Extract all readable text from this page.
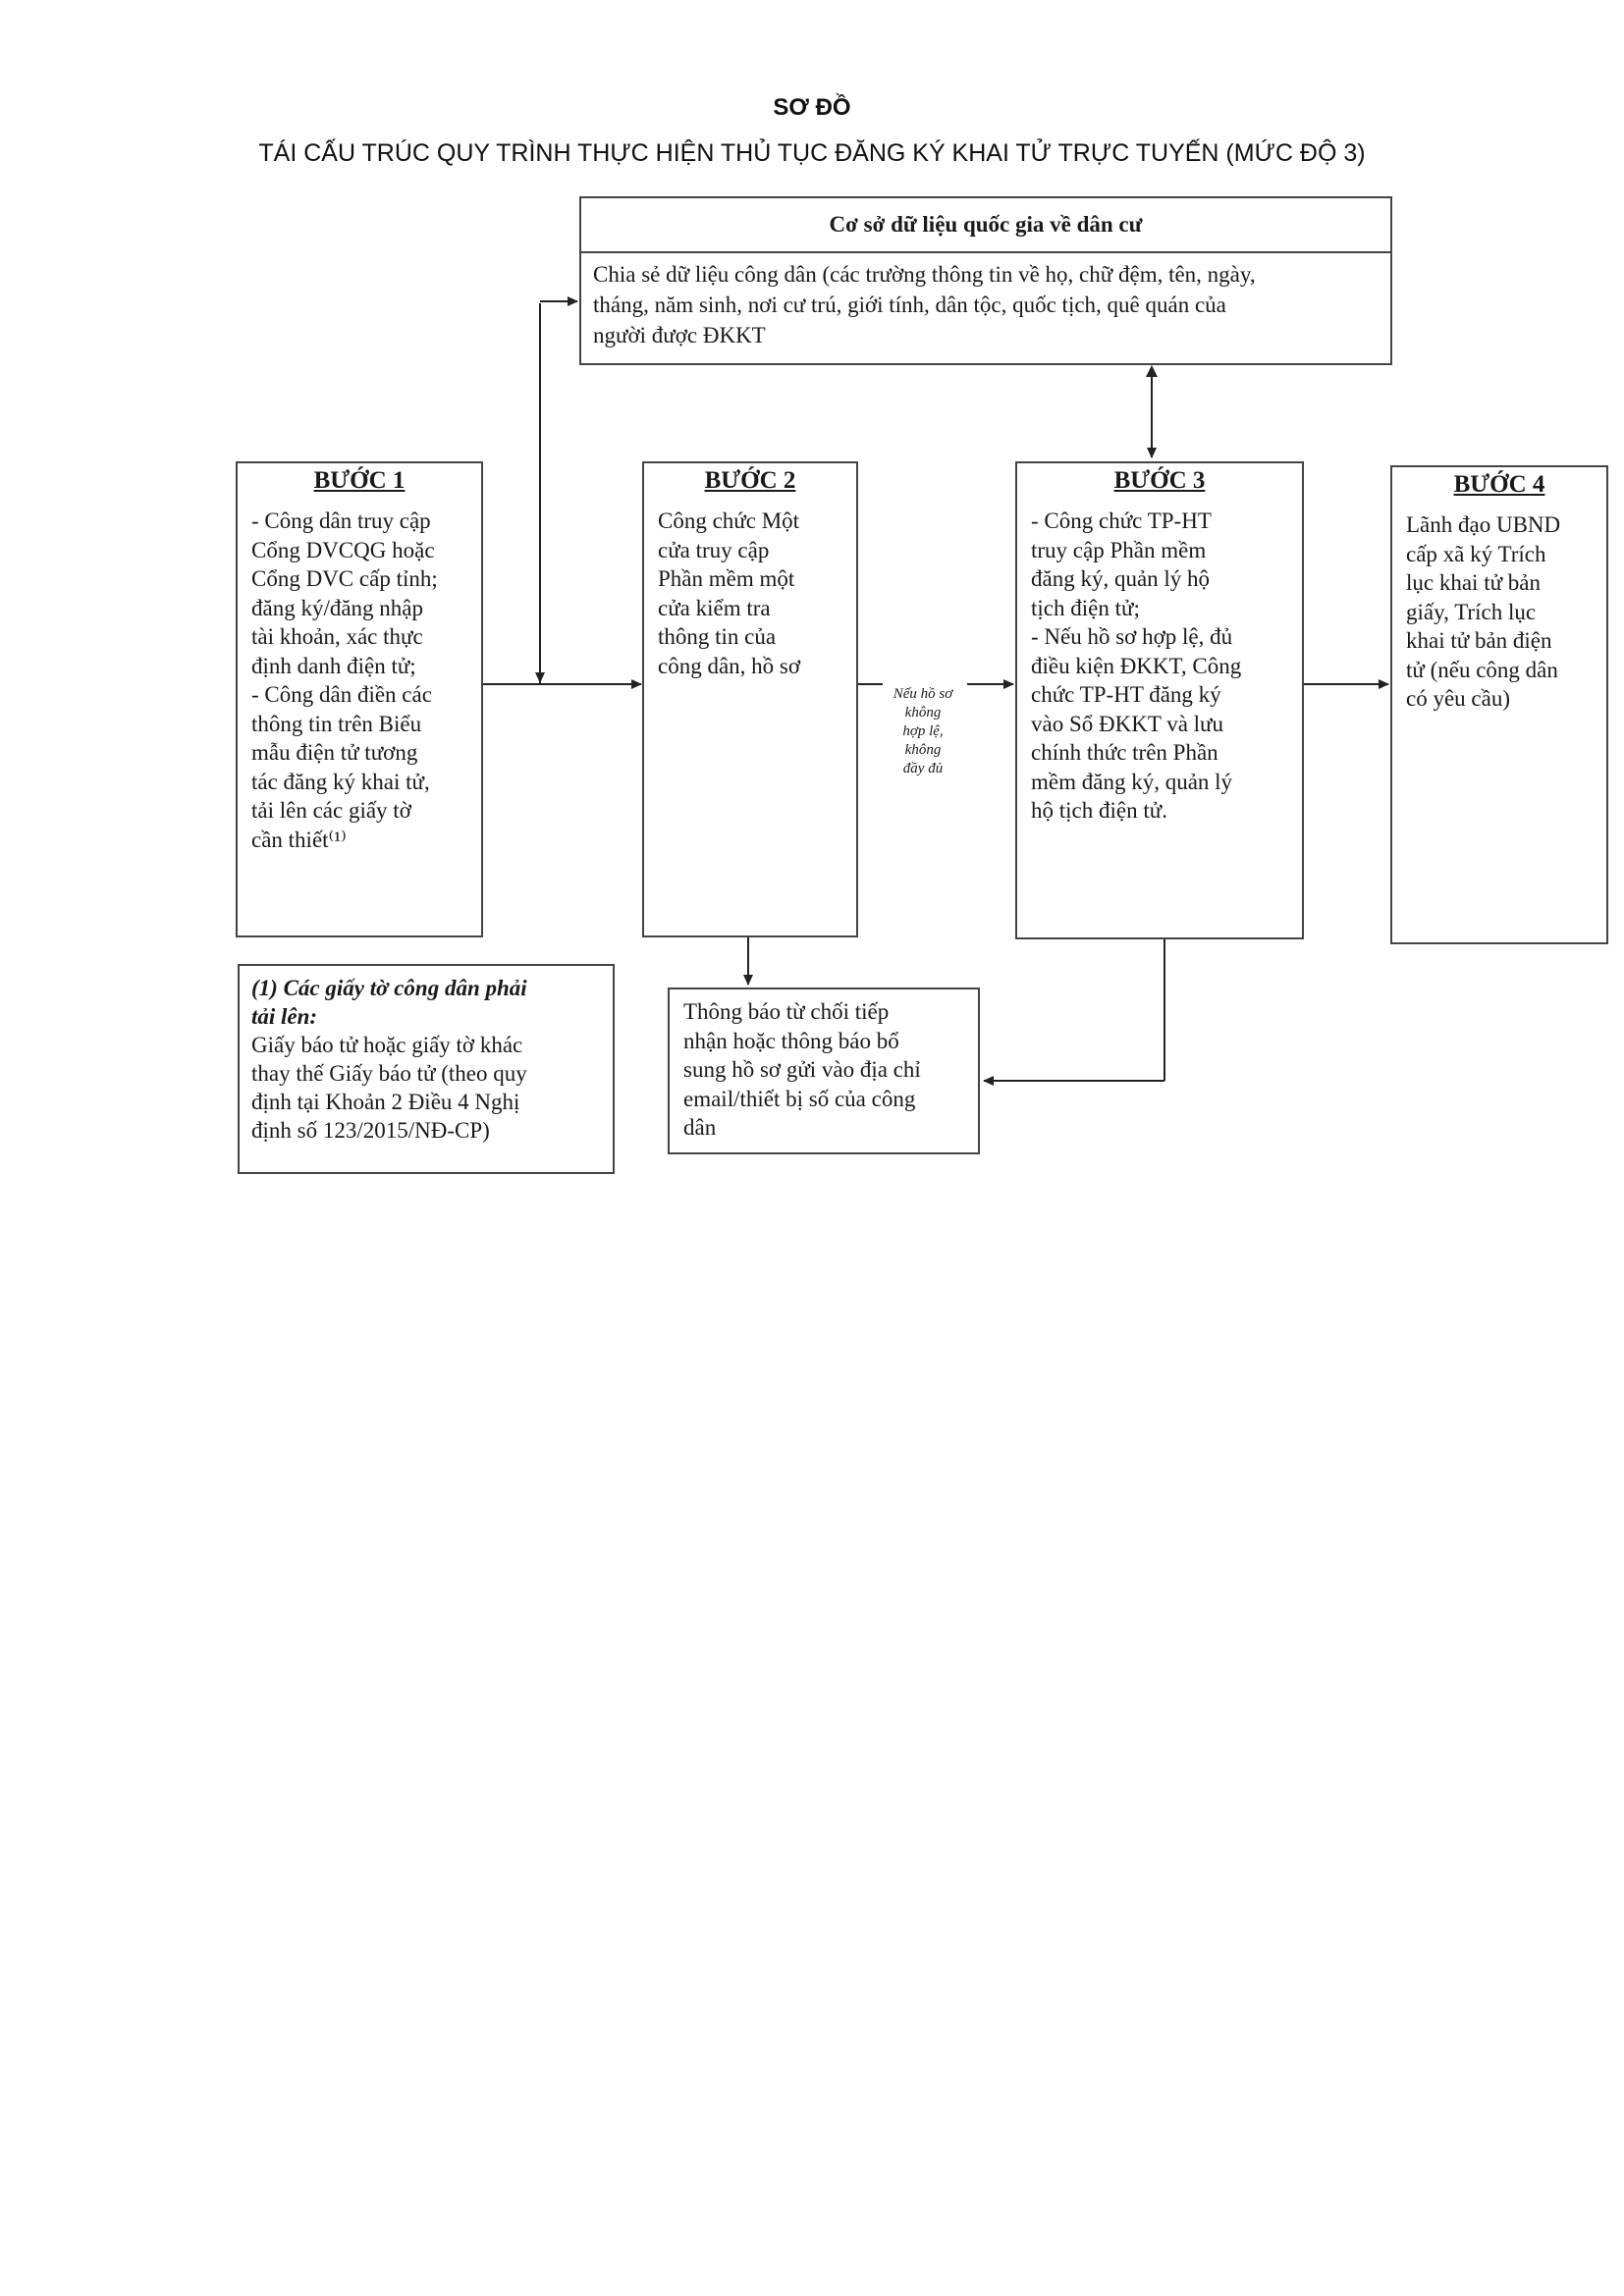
SƠ ĐỒ
TÁI CẤU TRÚC QUY TRÌNH THỰC HIỆN THỦ TỤC ĐĂNG KÝ KHAI TỬ TRỰC TUYẾN (MỨC ĐỘ 3)
Cơ sở dữ liệu quốc gia về dân cư
Chia sẻ dữ liệu công dân (các trường thông tin về họ, chữ đệm, tên, ngày,
tháng, năm sinh, nơi cư trú, giới tính, dân tộc, quốc tịch, quê quán của
người được ĐKKT
BƯỚC 1
- Công dân truy cập
Cổng DVCQG hoặc
Cổng DVC cấp tỉnh;
đăng ký/đăng nhập
tài khoản, xác thực
định danh điện tử;
- Công dân điền các
thông tin trên Biểu
mẫu điện tử tương
tác đăng ký khai tử,
tải lên các giấy tờ
cần thiết⁽¹⁾
BƯỚC 2
Công chức Một
cửa truy cập
Phần mềm một
cửa kiểm tra
thông tin của
công dân, hồ sơ
BƯỚC 3
- Công chức TP-HT
truy cập Phần mềm
đăng ký, quản lý hộ
tịch điện tử;
- Nếu hồ sơ hợp lệ, đủ
điều kiện ĐKKT, Công
chức TP-HT đăng ký
vào Sổ ĐKKT và lưu
chính thức trên Phần
mềm đăng ký, quản lý
hộ tịch điện tử.
BƯỚC 4
Lãnh đạo UBND
cấp xã ký Trích
lục khai tử bản
giấy, Trích lục
khai tử bản điện
tử (nếu công dân
có yêu cầu)
Nếu hồ sơ
không
hợp lệ,
không
đầy đủ
(1) Các giấy tờ công dân phải
tải lên:
Giấy báo tử hoặc giấy tờ khác
thay thế Giấy báo tử (theo quy
định tại Khoản 2 Điều 4 Nghị
định số 123/2015/NĐ-CP)
Thông báo từ chối tiếp
nhận hoặc thông báo bổ
sung hồ sơ gửi vào địa chỉ
email/thiết bị số của công
dân
